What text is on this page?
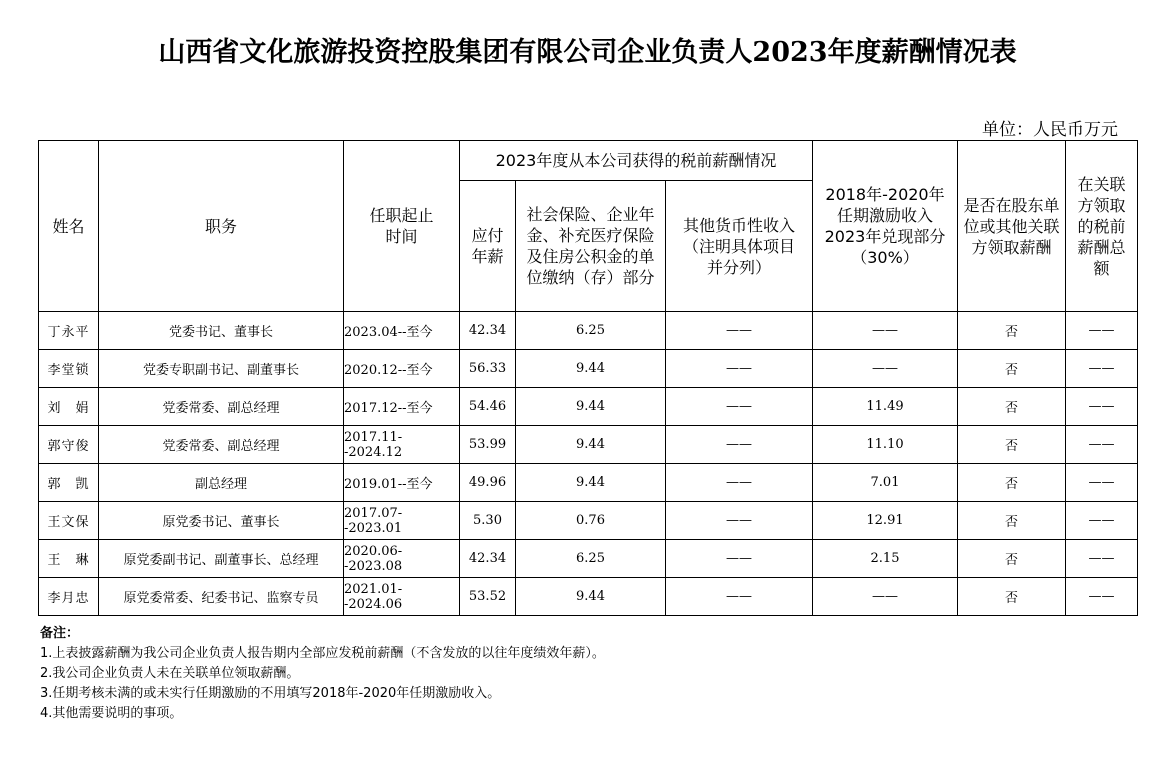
山西省文化旅游投资控股集团有限公司企业负责人2023年度薪酬情况表
单位：人民币万元
姓名	职务	任职起止时间	2023年度从本公司获得的税前薪酬情况			2018年-2020年任期激励收入2023年兑现部分（30%）	是否在股东单位或其他关联方领取薪酬	在关联方领取的税前薪酬总额
			应付年薪	社会保险、企业年金、补充医疗保险及住房公积金的单位缴纳（存）部分	其他货币性收入（注明具体项目并分列）			
丁永平	党委书记、董事长	2023.04--至今	42.34	6.25	——	——	否	——
李堂锁	党委专职副书记、副董事长	2020.12--至今	56.33	9.44	——	——	否	——
刘　娟	党委常委、副总经理	2017.12--至今	54.46	9.44	——	11.49	否	——
郭守俊	党委常委、副总经理	2017.11--2024.12	53.99	9.44	——	11.10	否	——
郭　凯	副总经理	2019.01--至今	49.96	9.44	——	7.01	否	——
王文保	原党委书记、董事长	2017.07--2023.01	5.30	0.76	——	12.91	否	——
王　琳	原党委副书记、副董事长、总经理	2020.06--2023.08	42.34	6.25	——	2.15	否	——
李月忠	原党委常委、纪委书记、监察专员	2021.01--2024.06	53.52	9.44	——	——	否	——
备注：
1.上表披露薪酬为我公司企业负责人报告期内全部应发税前薪酬（不含发放的以往年度绩效年薪）。
2.我公司企业负责人未在关联单位领取薪酬。
3.任期考核未满的或未实行任期激励的不用填写2018年-2020年任期激励收入。
4.其他需要说明的事项。
